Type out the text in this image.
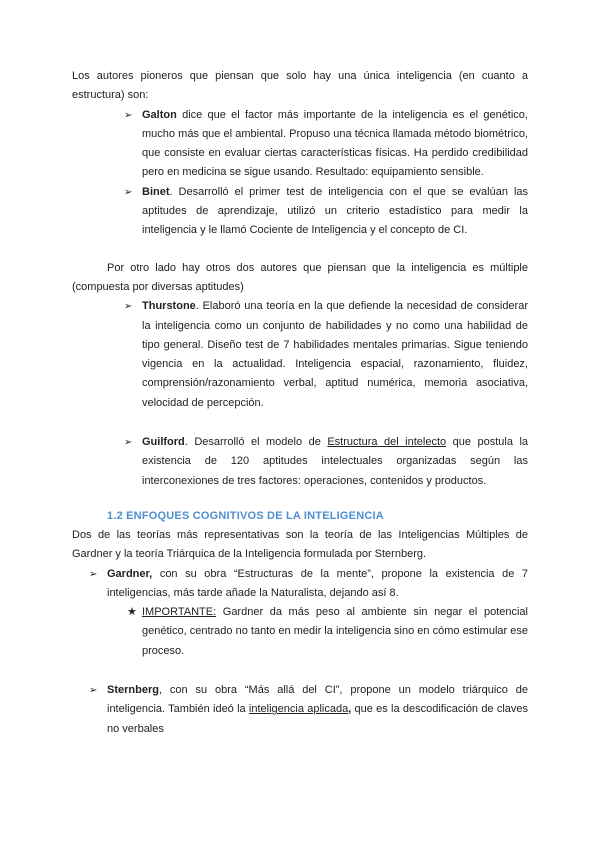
Los autores pioneros que piensan que solo hay una única inteligencia (en cuanto a estructura) son:

➢ Galton dice que el factor más importante de la inteligencia es el genético, mucho más que el ambiental. Propuso una técnica llamada método biométrico, que consiste en evaluar ciertas características físicas. Ha perdido credibilidad pero en medicina se sigue usando. Resultado: equipamiento sensible.
➢ Binet. Desarrolló el primer test de inteligencia con el que se evalúan las aptitudes de aprendizaje, utilizó un criterio estadístico para medir la inteligencia y le llamó Cociente de Inteligencia y el concepto de CI.

Por otro lado hay otros dos autores que piensan que la inteligencia es múltiple (compuesta por diversas aptitudes)

➢ Thurstone. Elaboró una teoría en la que defiende la necesidad de considerar la inteligencia como un conjunto de habilidades y no como una habilidad de tipo general. Diseño test de 7 habilidades mentales primarias. Sigue teniendo vigencia en la actualidad. Inteligencia espacial, razonamiento, fluidez, comprensión/razonamiento verbal, aptitud numérica, memoria asociativa, velocidad de percepción.
➢ Guilford. Desarrolló el modelo de Estructura del intelecto que postula la existencia de 120 aptitudes intelectuales organizadas según las interconexiones de tres factores: operaciones, contenidos y productos.
1.2 ENFOQUES COGNITIVOS DE LA INTELIGENCIA

Dos de las teorías más representativas son la teoría de las Inteligencias Múltiples de Gardner y la teoría Triárquica de la Inteligencia formulada por Sternberg.

➢ Gardner, con su obra “Estructuras de la mente”, propone la existencia de 7 inteligencias, más tarde añade la Naturalista, dejando así 8.
★ IMPORTANTE: Gardner da más peso al ambiente sin negar el potencial genético, centrado no tanto en medir la inteligencia sino en cómo estimular ese proceso.
➢ Sternberg, con su obra “Más allá del CI”, propone un modelo triárquico de inteligencia. También ideó la inteligencia aplicada, que es la descodificación de claves no verbales
